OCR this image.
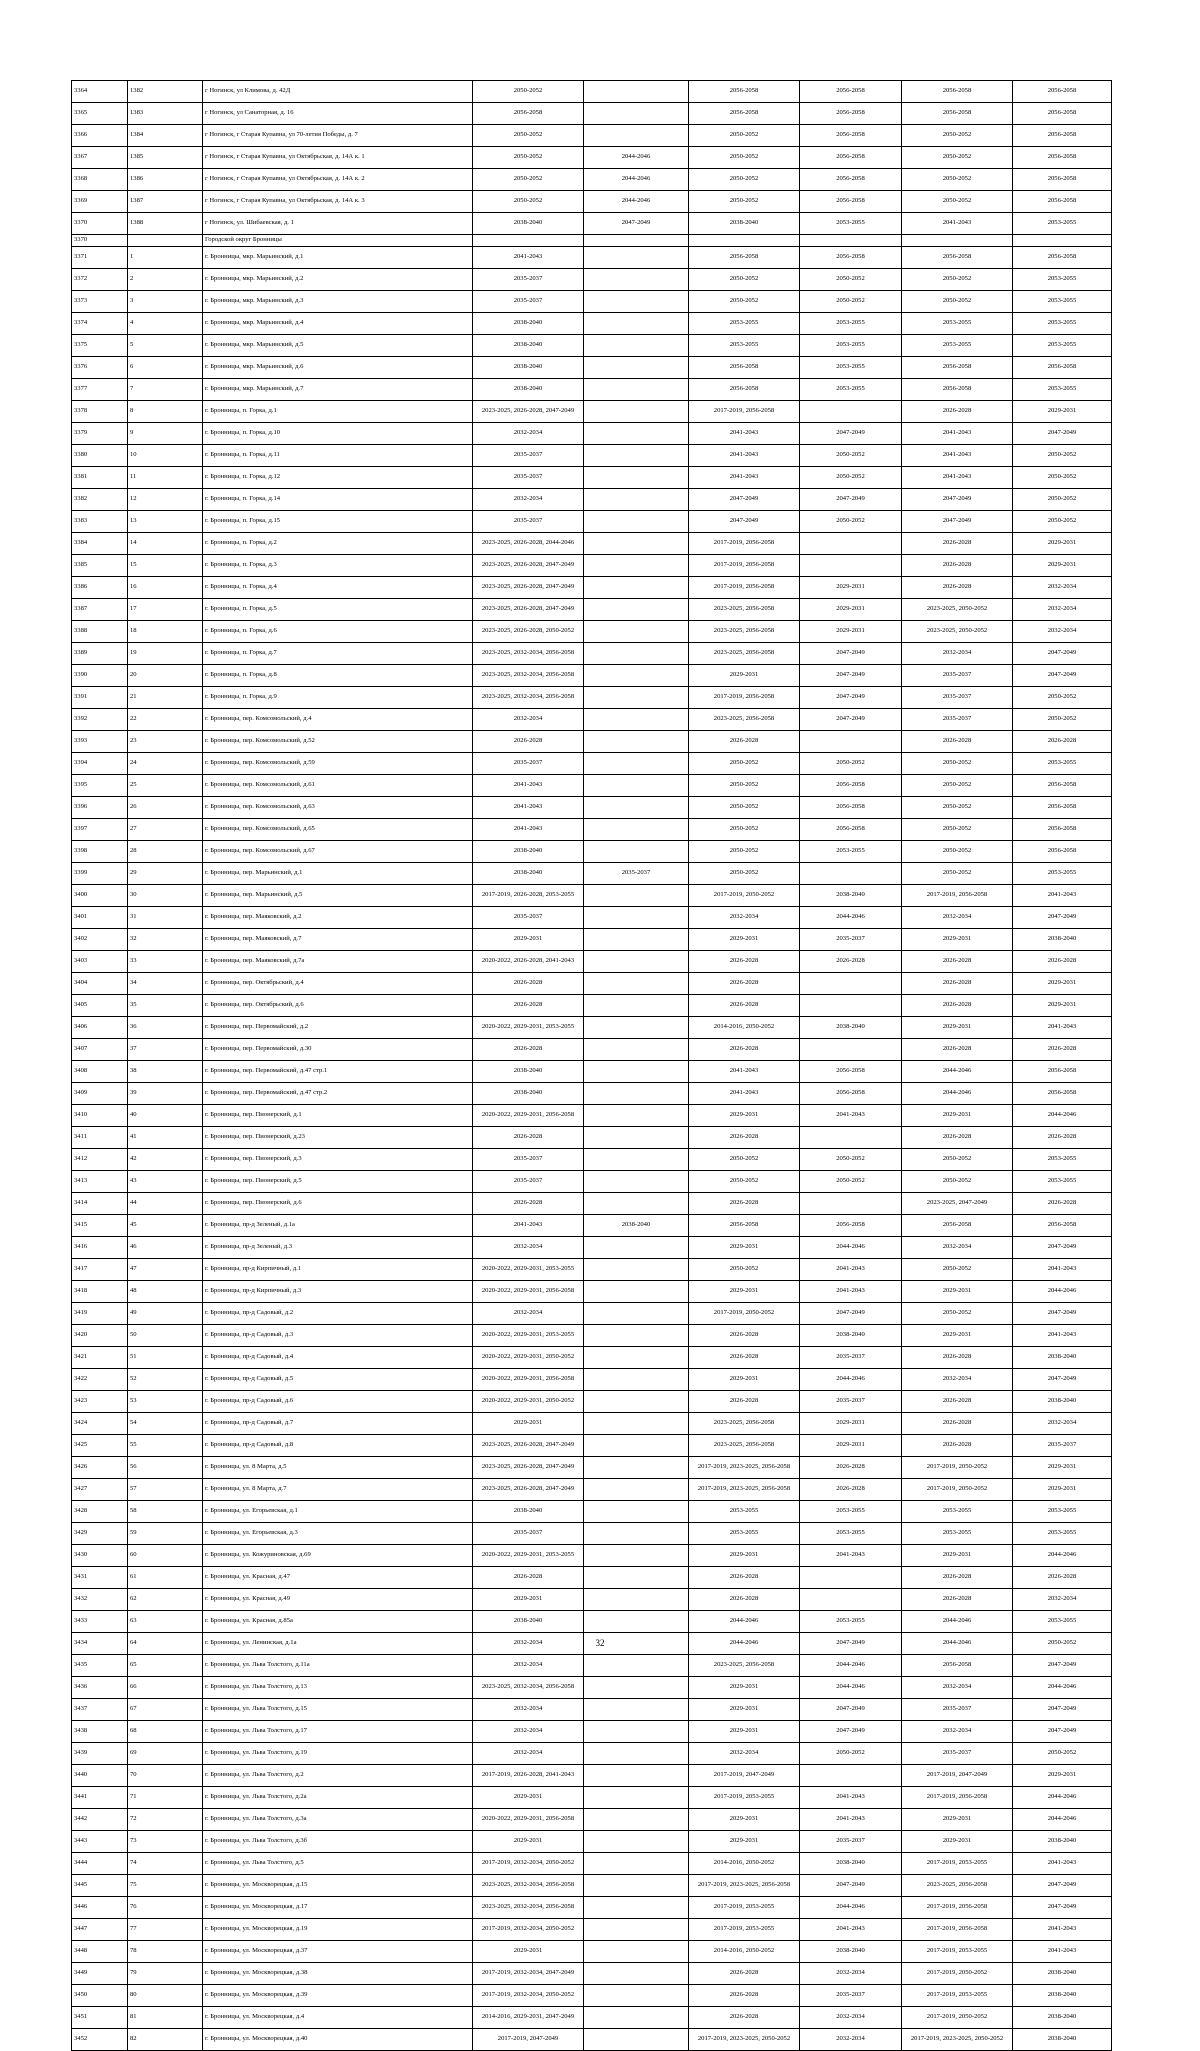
3364	1382	г Ногинск, ул Климова, д. 42Д	2050-2052		2056-2058	2056-2058	2056-2058	2056-2058
3365	1383	г Ногинск, ул Санаторная, д. 16	2056-2058		2056-2058	2056-2058	2056-2058	2056-2058
3366	1384	г Ногинск, г Старая Купавна, ул 70-летия Победы, д. 7	2050-2052		2050-2052	2056-2058	2050-2052	2056-2058
3367	1385	г Ногинск, г Старая Купавна, ул Октябрьская, д. 14А к. 1	2050-2052	2044-2046	2050-2052	2056-2058	2050-2052	2056-2058
3368	1386	г Ногинск, г Старая Купавна, ул Октябрьская, д. 14А к. 2	2050-2052	2044-2046	2050-2052	2056-2058	2050-2052	2056-2058
3369	1387	г Ногинск, г Старая Купавна, ул Октябрьская, д. 14А к. 3	2050-2052	2044-2046	2050-2052	2056-2058	2050-2052	2056-2058
3370	1388	г Ногинск, ул. Шибаевская, д. 1	2038-2040	2047-2049	2038-2040	2053-2055	2041-2043	2053-2055
3370		Городской округ Бронницы						
3371	1	г. Бронницы, мкр. Марьинский, д.1	2041-2043		2056-2058	2056-2058	2056-2058	2056-2058
3372	2	г. Бронницы, мкр. Марьинский, д.2	2035-2037		2050-2052	2050-2052	2050-2052	2053-2055
3373	3	г. Бронницы, мкр. Марьинский, д.3	2035-2037		2050-2052	2050-2052	2050-2052	2053-2055
3374	4	г. Бронницы, мкр. Марьинский, д.4	2038-2040		2053-2055	2053-2055	2053-2055	2053-2055
3375	5	г. Бронницы, мкр. Марьинский, д.5	2038-2040		2053-2055	2053-2055	2053-2055	2053-2055
3376	6	г. Бронницы, мкр. Марьинский, д.6	2038-2040		2056-2058	2053-2055	2056-2058	2056-2058
3377	7	г. Бронницы, мкр. Марьинский, д.7	2038-2040		2056-2058	2053-2055	2056-2058	2053-2055
3378	8	г. Бронницы, п. Горка, д.1	2023-2025, 2026-2028, 2047-2049		2017-2019, 2056-2058		2026-2028	2029-2031
3379	9	г. Бронницы, п. Горка, д.10	2032-2034		2041-2043	2047-2049	2041-2043	2047-2049
3380	10	г. Бронницы, п. Горка, д.11	2035-2037		2041-2043	2050-2052	2041-2043	2050-2052
3381	11	г. Бронницы, п. Горка, д.12	2035-2037		2041-2043	2050-2052	2041-2043	2050-2052
3382	12	г. Бронницы, п. Горка, д.14	2032-2034		2047-2049	2047-2049	2047-2049	2050-2052
3383	13	г. Бронницы, п. Горка, д.15	2035-2037		2047-2049	2050-2052	2047-2049	2050-2052
3384	14	г. Бронницы, п. Горка, д.2	2023-2025, 2026-2028, 2044-2046		2017-2019, 2056-2058		2026-2028	2029-2031
3385	15	г. Бронницы, п. Горка, д.3	2023-2025, 2026-2028, 2047-2049		2017-2019, 2056-2058		2026-2028	2029-2031
3386	16	г. Бронницы, п. Горка, д.4	2023-2025, 2026-2028, 2047-2049		2017-2019, 2056-2058	2029-2031	2026-2028	2032-2034
3387	17	г. Бронницы, п. Горка, д.5	2023-2025, 2026-2028, 2047-2049		2023-2025, 2056-2058	2029-2031	2023-2025, 2050-2052	2032-2034
3388	18	г. Бронницы, п. Горка, д.6	2023-2025, 2026-2028, 2050-2052		2023-2025, 2056-2058	2029-2031	2023-2025, 2050-2052	2032-2034
3389	19	г. Бронницы, п. Горка, д.7	2023-2025, 2032-2034, 2056-2058		2023-2025, 2056-2058	2047-2049	2032-2034	2047-2049
3390	20	г. Бронницы, п. Горка, д.8	2023-2025, 2032-2034, 2056-2058		2029-2031	2047-2049	2035-2037	2047-2049
3391	21	г. Бронницы, п. Горка, д.9	2023-2025, 2032-2034, 2056-2058		2017-2019, 2056-2058	2047-2049	2035-2037	2050-2052
3392	22	г. Бронницы, пер. Комсомольский, д.4	2032-2034		2023-2025, 2056-2058	2047-2049	2035-2037	2050-2052
3393	23	г. Бронницы, пер. Комсомольский, д.52	2026-2028		2026-2028		2026-2028	2026-2028
3394	24	г. Бронницы, пер. Комсомольский, д.59	2035-2037		2050-2052	2050-2052	2050-2052	2053-2055
3395	25	г. Бронницы, пер. Комсомольский, д.61	2041-2043		2050-2052	2056-2058	2050-2052	2056-2058
3396	26	г. Бронницы, пер. Комсомольский, д.63	2041-2043		2050-2052	2056-2058	2050-2052	2056-2058
3397	27	г. Бронницы, пер. Комсомольский, д.65	2041-2043		2050-2052	2056-2058	2050-2052	2056-2058
3398	28	г. Бронницы, пер. Комсомольский, д.67	2038-2040		2050-2052	2053-2055	2050-2052	2056-2058
3399	29	г. Бронницы, пер. Марьинский, д.1	2038-2040	2035-2037	2050-2052		2050-2052	2053-2055
3400	30	г. Бронницы, пер. Марьинский, д.5	2017-2019, 2026-2028, 2053-2055		2017-2019, 2050-2052	2038-2040	2017-2019, 2056-2058	2041-2043
3401	31	г. Бронницы, пер. Маяковский, д.2	2035-2037		2032-2034	2044-2046	2032-2034	2047-2049
3402	32	г. Бронницы, пер. Маяковский, д.7	2029-2031		2029-2031	2035-2037	2029-2031	2038-2040
3403	33	г. Бронницы, пер. Маяковский, д.7а	2020-2022, 2026-2028, 2041-2043		2026-2028	2026-2028	2026-2028	2026-2028
3404	34	г. Бронницы, пер. Октябрьский, д.4	2026-2028		2026-2028		2026-2028	2029-2031
3405	35	г. Бронницы, пер. Октябрьский, д.6	2026-2028		2026-2028		2026-2028	2029-2031
3406	36	г. Бронницы, пер. Первомайский, д.2	2020-2022, 2029-2031, 2053-2055		2014-2016, 2050-2052	2038-2040	2029-2031	2041-2043
3407	37	г. Бронницы, пер. Первомайский, д.30	2026-2028		2026-2028		2026-2028	2026-2028
3408	38	г. Бронницы, пер. Первомайский, д.47 стр.1	2038-2040		2041-2043	2056-2058	2044-2046	2056-2058
3409	39	г. Бронницы, пер. Первомайский, д.47 стр.2	2038-2040		2041-2043	2056-2058	2044-2046	2056-2058
3410	40	г. Бронницы, пер. Пионерский, д.1	2020-2022, 2029-2031, 2056-2058		2029-2031	2041-2043	2029-2031	2044-2046
3411	41	г. Бронницы, пер. Пионерский, д.23	2026-2028		2026-2028		2026-2028	2026-2028
3412	42	г. Бронницы, пер. Пионерский, д.3	2035-2037		2050-2052	2050-2052	2050-2052	2053-2055
3413	43	г. Бронницы, пер. Пионерский, д.5	2035-2037		2050-2052	2050-2052	2050-2052	2053-2055
3414	44	г. Бронницы, пер. Пионерский, д.6	2026-2028		2026-2028		2023-2025, 2047-2049	2026-2028
3415	45	г. Бронницы, пр-д Зеленый, д.1а	2041-2043	2038-2040	2056-2058	2056-2058	2056-2058	2056-2058
3416	46	г. Бронницы, пр-д Зеленый, д.3	2032-2034		2029-2031	2044-2046	2032-2034	2047-2049
3417	47	г. Бронницы, пр-д Кирпичный, д.1	2020-2022, 2029-2031, 2053-2055		2050-2052	2041-2043	2050-2052	2041-2043
3418	48	г. Бронницы, пр-д Кирпичный, д.3	2020-2022, 2029-2031, 2056-2058		2029-2031	2041-2043	2029-2031	2044-2046
3419	49	г. Бронницы, пр-д Садовый, д.2	2032-2034		2017-2019, 2050-2052	2047-2049	2050-2052	2047-2049
3420	50	г. Бронницы, пр-д Садовый, д.3	2020-2022, 2029-2031, 2053-2055		2026-2028	2038-2040	2029-2031	2041-2043
3421	51	г. Бронницы, пр-д Садовый, д.4	2020-2022, 2029-2031, 2050-2052		2026-2028	2035-2037	2026-2028	2038-2040
3422	52	г. Бронницы, пр-д Садовый, д.5	2020-2022, 2029-2031, 2056-2058		2029-2031	2044-2046	2032-2034	2047-2049
3423	53	г. Бронницы, пр-д Садовый, д.6	2020-2022, 2029-2031, 2050-2052		2026-2028	2035-2037	2026-2028	2038-2040
3424	54	г. Бронницы, пр-д Садовый, д.7	2029-2031		2023-2025, 2056-2058	2029-2031	2026-2028	2032-2034
3425	55	г. Бронницы, пр-д Садовый, д.8	2023-2025, 2026-2028, 2047-2049		2023-2025, 2056-2058	2029-2031	2026-2028	2035-2037
3426	56	г. Бронницы, ул. 8 Марта, д.5	2023-2025, 2026-2028, 2047-2049		2017-2019, 2023-2025, 2056-2058	2026-2028	2017-2019, 2050-2052	2029-2031
3427	57	г. Бронницы, ул. 8 Марта, д.7	2023-2025, 2026-2028, 2047-2049		2017-2019, 2023-2025, 2056-2058	2026-2028	2017-2019, 2050-2052	2029-2031
3428	58	г. Бронницы, ул. Егорьевская, д.1	2038-2040		2053-2055	2053-2055	2053-2055	2053-2055
3429	59	г. Бронницы, ул. Егорьевская, д.3	2035-2037		2053-2055	2053-2055	2053-2055	2053-2055
3430	60	г. Бронницы, ул. Кожуриновская, д.69	2020-2022, 2029-2031, 2053-2055		2029-2031	2041-2043	2029-2031	2044-2046
3431	61	г. Бронницы, ул. Красная, д.47	2026-2028		2026-2028		2026-2028	2026-2028
3432	62	г. Бронницы, ул. Красная, д.49	2029-2031		2026-2028		2026-2028	2032-2034
3433	63	г. Бронницы, ул. Красная, д.85а	2038-2040		2044-2046	2053-2055	2044-2046	2053-2055
3434	64	г. Бронницы, ул. Ленинская, д.1а	2032-2034		2044-2046	2047-2049	2044-2046	2050-2052
3435	65	г. Бронницы, ул. Льва Толстого, д.11а	2032-2034		2023-2025, 2056-2058	2044-2046	2056-2058	2047-2049
3436	66	г. Бронницы, ул. Льва Толстого, д.13	2023-2025, 2032-2034, 2056-2058		2029-2031	2044-2046	2032-2034	2044-2046
3437	67	г. Бронницы, ул. Льва Толстого, д.15	2032-2034		2029-2031	2047-2049	2035-2037	2047-2049
3438	68	г. Бронницы, ул. Льва Толстого, д.17	2032-2034		2029-2031	2047-2049	2032-2034	2047-2049
3439	69	г. Бронницы, ул. Льва Толстого, д.19	2032-2034		2032-2034	2050-2052	2035-2037	2050-2052
3440	70	г. Бронницы, ул. Льва Толстого, д.2	2017-2019, 2026-2028, 2041-2043		2017-2019, 2047-2049		2017-2019, 2047-2049	2029-2031
3441	71	г. Бронницы, ул. Льва Толстого, д.2а	2029-2031		2017-2019, 2053-2055	2041-2043	2017-2019, 2056-2058	2044-2046
3442	72	г. Бронницы, ул. Льва Толстого, д.3а	2020-2022, 2029-2031, 2056-2058		2029-2031	2041-2043	2029-2031	2044-2046
3443	73	г. Бронницы, ул. Льва Толстого, д.3б	2029-2031		2029-2031	2035-2037	2029-2031	2038-2040
3444	74	г. Бронницы, ул. Льва Толстого, д.5	2017-2019, 2032-2034, 2050-2052		2014-2016, 2050-2052	2038-2040	2017-2019, 2053-2055	2041-2043
3445	75	г. Бронницы, ул. Москворецкая, д.15	2023-2025, 2032-2034, 2056-2058		2017-2019, 2023-2025, 2056-2058	2047-2049	2023-2025, 2056-2058	2047-2049
3446	76	г. Бронницы, ул. Москворецкая, д.17	2023-2025, 2032-2034, 2056-2058		2017-2019, 2053-2055	2044-2046	2017-2019, 2056-2058	2047-2049
3447	77	г. Бронницы, ул. Москворецкая, д.19	2017-2019, 2032-2034, 2050-2052		2017-2019, 2053-2055	2041-2043	2017-2019, 2056-2058	2041-2043
3448	78	г. Бронницы, ул. Москворецкая, д.37	2029-2031		2014-2016, 2050-2052	2038-2040	2017-2019, 2053-2055	2041-2043
3449	79	г. Бронницы, ул. Москворецкая, д.38	2017-2019, 2032-2034, 2047-2049		2026-2028	2032-2034	2017-2019, 2050-2052	2038-2040
3450	80	г. Бронницы, ул. Москворецкая, д.39	2017-2019, 2032-2034, 2050-2052		2026-2028	2035-2037	2017-2019, 2053-2055	2038-2040
3451	81	г. Бронницы, ул. Москворецкая, д.4	2014-2016, 2029-2031, 2047-2049		2026-2028	2032-2034	2017-2019, 2050-2052	2038-2040
3452	82	г. Бронницы, ул. Москворецкая, д.40	2017-2019, 2047-2049		2017-2019, 2023-2025, 2050-2052	2032-2034	2017-2019, 2023-2025, 2050-2052	2038-2040
32
